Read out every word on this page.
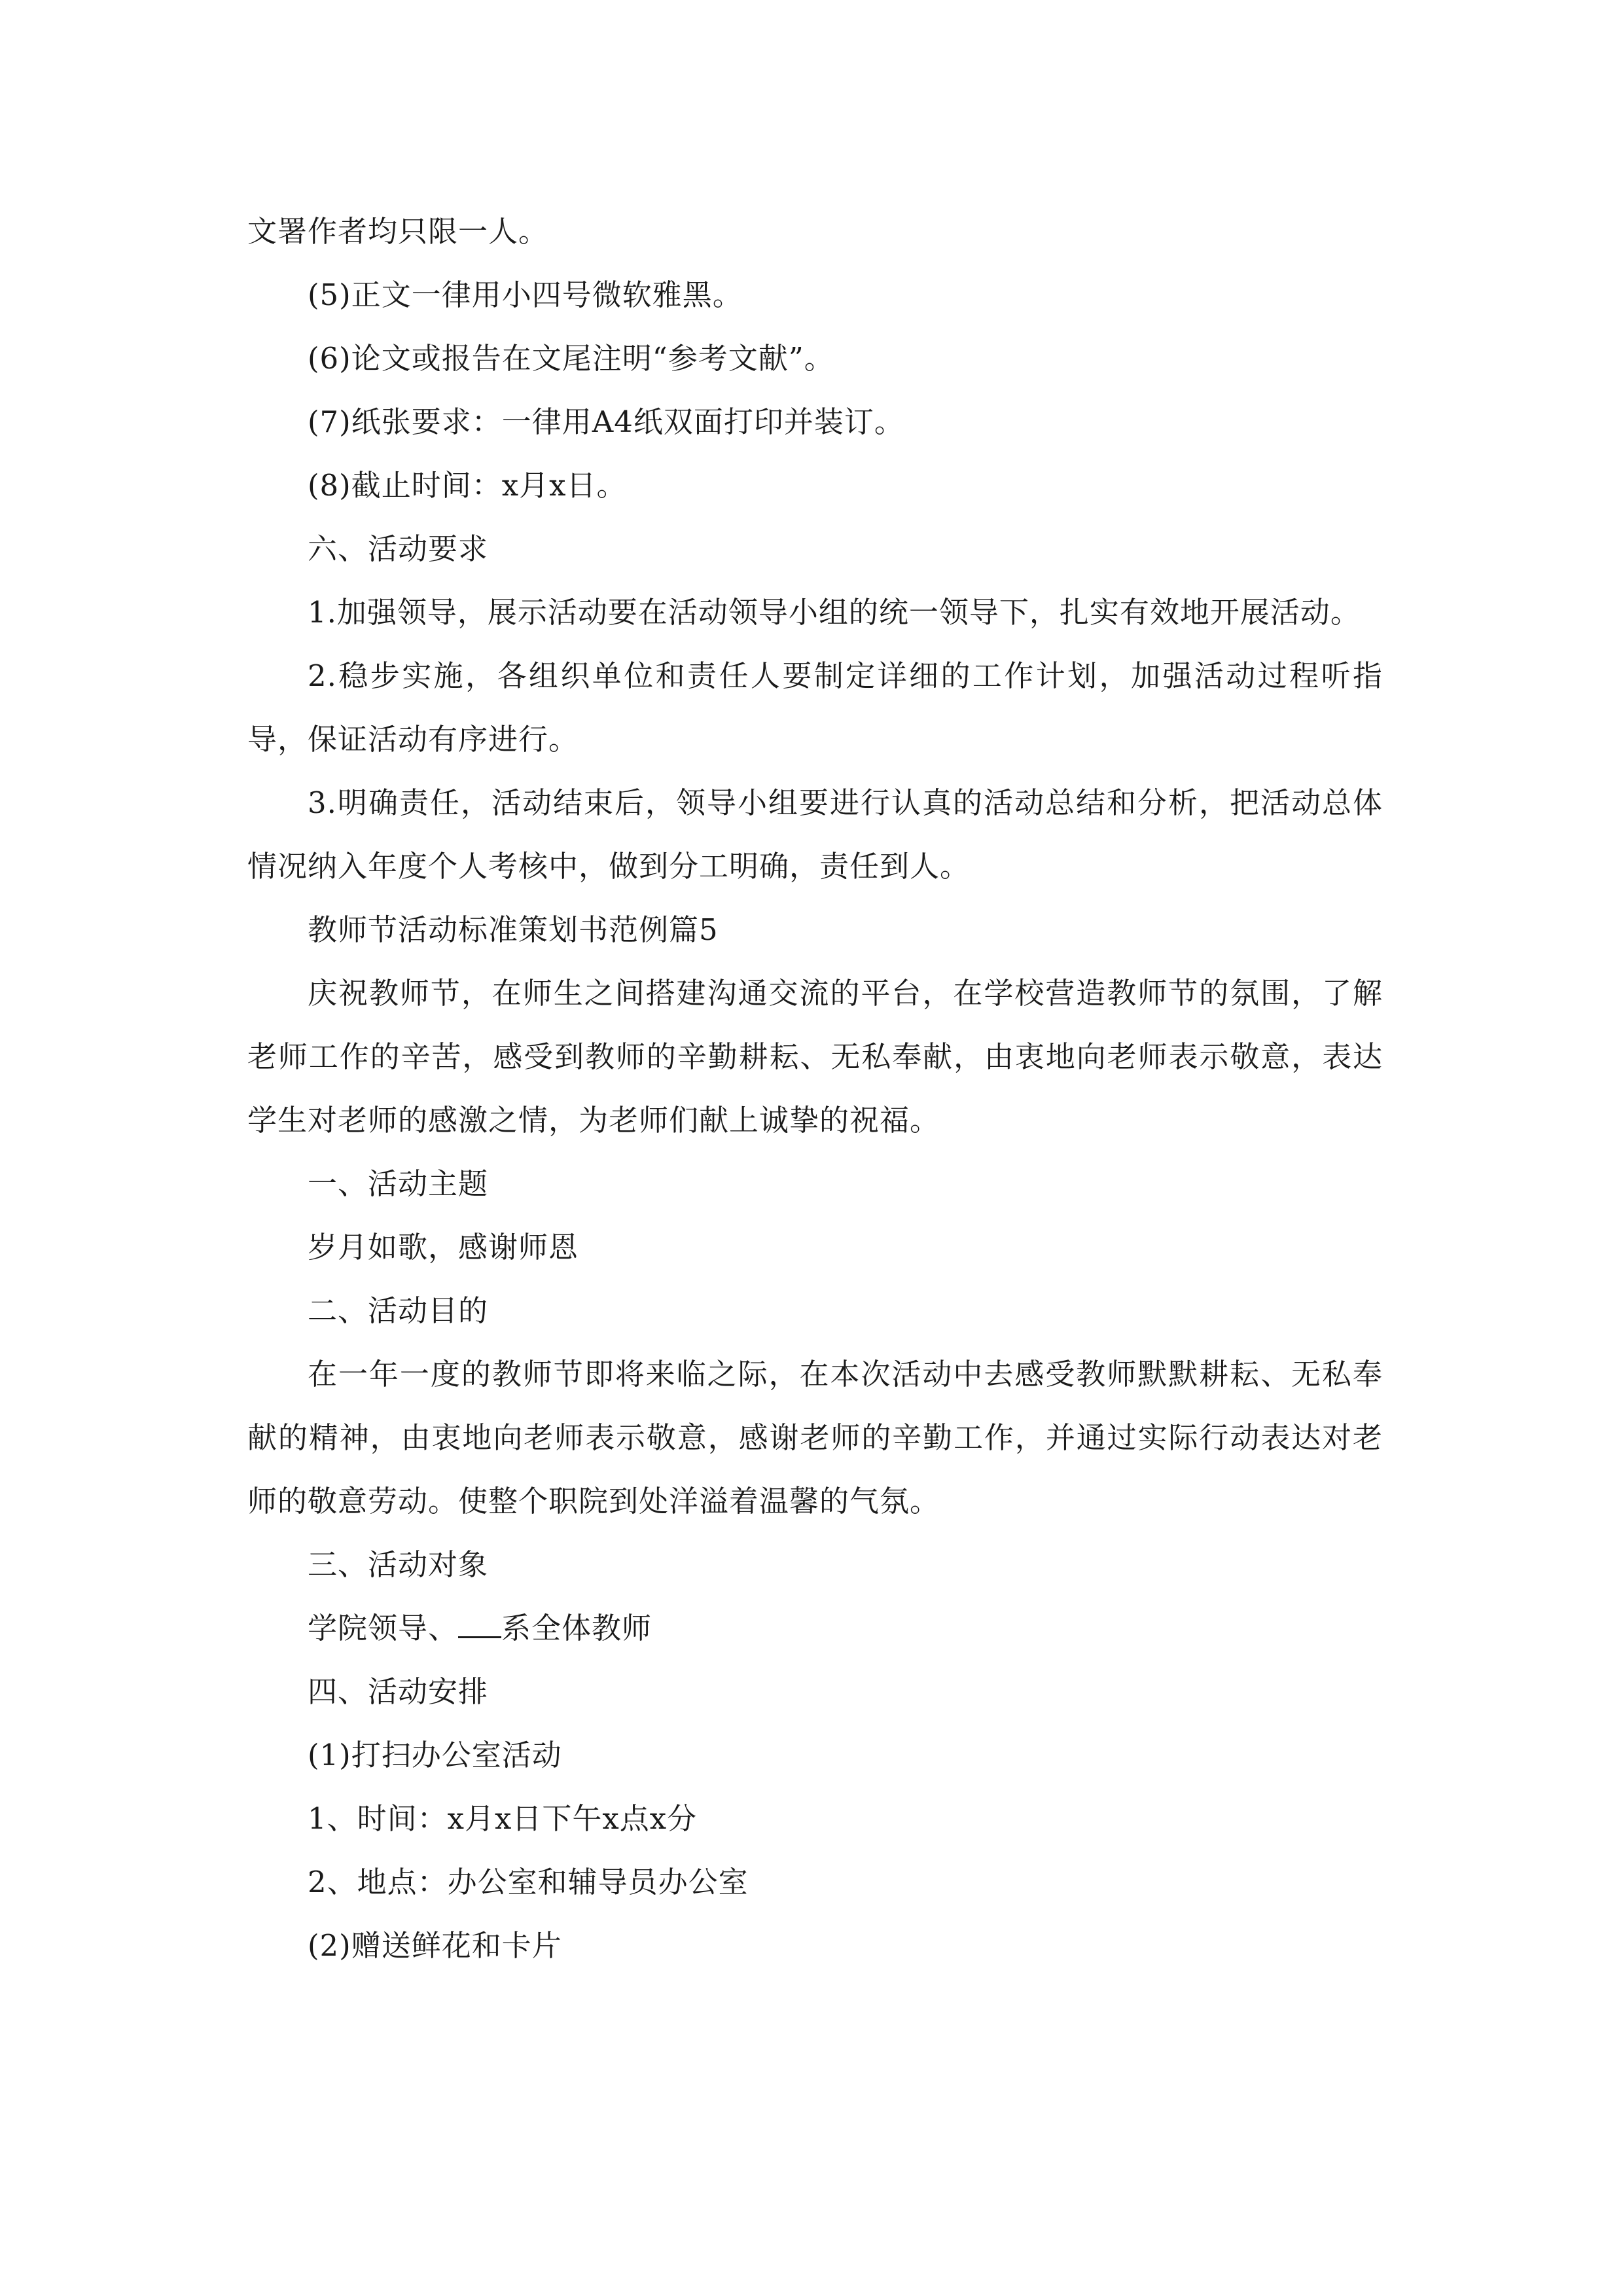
文署作者均只限一人。

(5)正文一律用小四号微软雅黑。

(6)论文或报告在文尾注明“参考文献”。

(7)纸张要求：一律用A4纸双面打印并装订。

(8)截止时间：x月x日。

六、活动要求

1.加强领导，展示活动要在活动领导小组的统一领导下，扎实有效地开展活动。

2.稳步实施，各组织单位和责任人要制定详细的工作计划，加强活动过程听指导，保证活动有序进行。

3.明确责任，活动结束后，领导小组要进行认真的活动总结和分析，把活动总体情况纳入年度个人考核中，做到分工明确，责任到人。

教师节活动标准策划书范例篇5

庆祝教师节，在师生之间搭建沟通交流的平台，在学校营造教师节的氛围，了解老师工作的辛苦，感受到教师的辛勤耕耘、无私奉献，由衷地向老师表示敬意，表达学生对老师的感激之情，为老师们献上诚挚的祝福。

一、活动主题

岁月如歌，感谢师恩

二、活动目的

在一年一度的教师节即将来临之际，在本次活动中去感受教师默默耕耘、无私奉献的精神，由衷地向老师表示敬意，感谢老师的辛勤工作，并通过实际行动表达对老师的敬意劳动。使整个职院到处洋溢着温馨的气氛。

三、活动对象

学院领导、 系全体教师

四、活动安排

(1)打扫办公室活动

1、时间：x月x日下午x点x分

2、地点：办公室和辅导员办公室

(2)赠送鲜花和卡片
